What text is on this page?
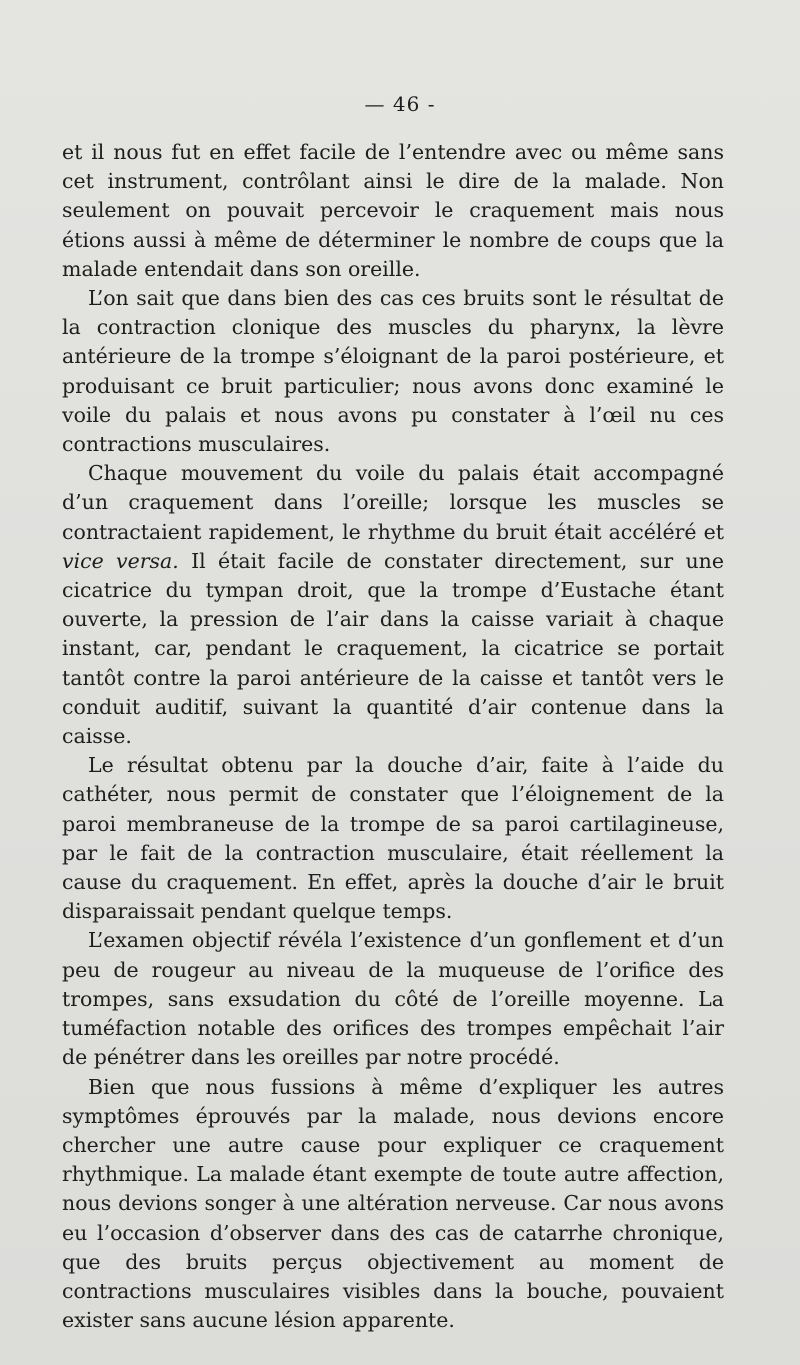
— 46 -

et il nous fut en effet facile de l’entendre avec ou même sans cet instrument, contrôlant ainsi le dire de la malade. Non seulement on pouvait percevoir le craquement mais nous étions aussi à même de déterminer le nombre de coups que la malade entendait dans son oreille.

L’on sait que dans bien des cas ces bruits sont le résultat de la contraction clonique des muscles du pharynx, la lèvre antérieure de la trompe s’éloignant de la paroi postérieure, et produisant ce bruit particulier; nous avons donc examiné le voile du palais et nous avons pu constater à l’œil nu ces contractions musculaires.

Chaque mouvement du voile du palais était accompagné d’un craquement dans l’oreille; lorsque les muscles se contractaient rapidement, le rhythme du bruit était accéléré et vice versa. Il était facile de constater directement, sur une cicatrice du tympan droit, que la trompe d’Eustache étant ouverte, la pression de l’air dans la caisse variait à chaque instant, car, pendant le craquement, la cicatrice se portait tantôt contre la paroi antérieure de la caisse et tantôt vers le conduit auditif, suivant la quantité d’air contenue dans la caisse.

Le résultat obtenu par la douche d’air, faite à l’aide du cathéter, nous permit de constater que l’éloignement de la paroi membraneuse de la trompe de sa paroi cartilagineuse, par le fait de la contraction musculaire, était réellement la cause du craquement. En effet, après la douche d’air le bruit disparaissait pendant quelque temps.

L’examen objectif révéla l’existence d’un gonflement et d’un peu de rougeur au niveau de la muqueuse de l’orifice des trompes, sans exsudation du côté de l’oreille moyenne. La tuméfaction notable des orifices des trompes empêchait l’air de pénétrer dans les oreilles par notre procédé.

Bien que nous fussions à même d’expliquer les autres symptômes éprouvés par la malade, nous devions encore chercher une autre cause pour expliquer ce craquement rhythmique. La malade étant exempte de toute autre affection, nous devions songer à une altération nerveuse. Car nous avons eu l’occasion d’observer dans des cas de catarrhe chronique, que des bruits perçus objectivement au moment de contractions musculaires visibles dans la bouche, pouvaient exister sans aucune lésion apparente.
